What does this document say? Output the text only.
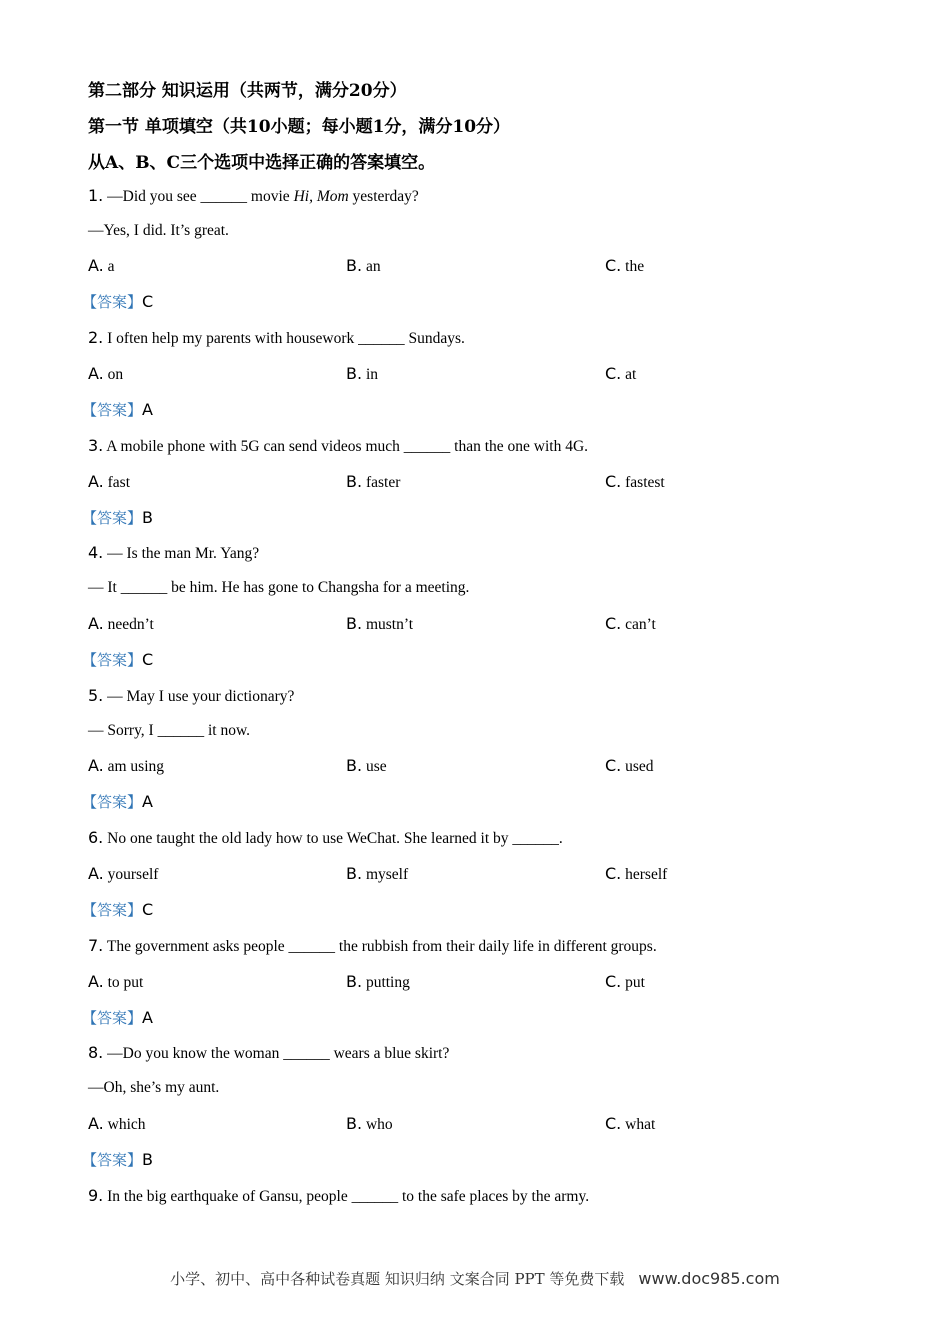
第二部分 知识运用（共两节，满分20分）
第一节 单项填空（共10小题；每小题1分，满分10分）
从A、B、C三个选项中选择正确的答案填空。
1. —Did you see ______ movie Hi, Mom yesterday?
—Yes, I did. It’s great.
A. a	B. an	C. the
【答案】C
2. I often help my parents with housework ______ Sundays.
A. on	B. in	C. at
【答案】A
3. A mobile phone with 5G can send videos much ______ than the one with 4G.
A. fast	B. faster	C. fastest
【答案】B
4. — Is the man Mr. Yang?
— It ______ be him. He has gone to Changsha for a meeting.
A. needn’t	B. mustn’t	C. can’t
【答案】C
5. — May I use your dictionary?
— Sorry, I ______ it now.
A. am using	B. use	C. used
【答案】A
6. No one taught the old lady how to use WeChat. She learned it by ______.
A. yourself	B. myself	C. herself
【答案】C
7. The government asks people ______ the rubbish from their daily life in different groups.
A. to put	B. putting	C. put
【答案】A
8. —Do you know the woman ______ wears a blue skirt?
—Oh, she’s my aunt.
A. which	B. who	C. what
【答案】B
9. In the big earthquake of Gansu, people ______ to the safe places by the army.
小学、初中、高中各种试卷真题 知识归纳 文案合同 PPT 等免费下载 www.doc985.com
